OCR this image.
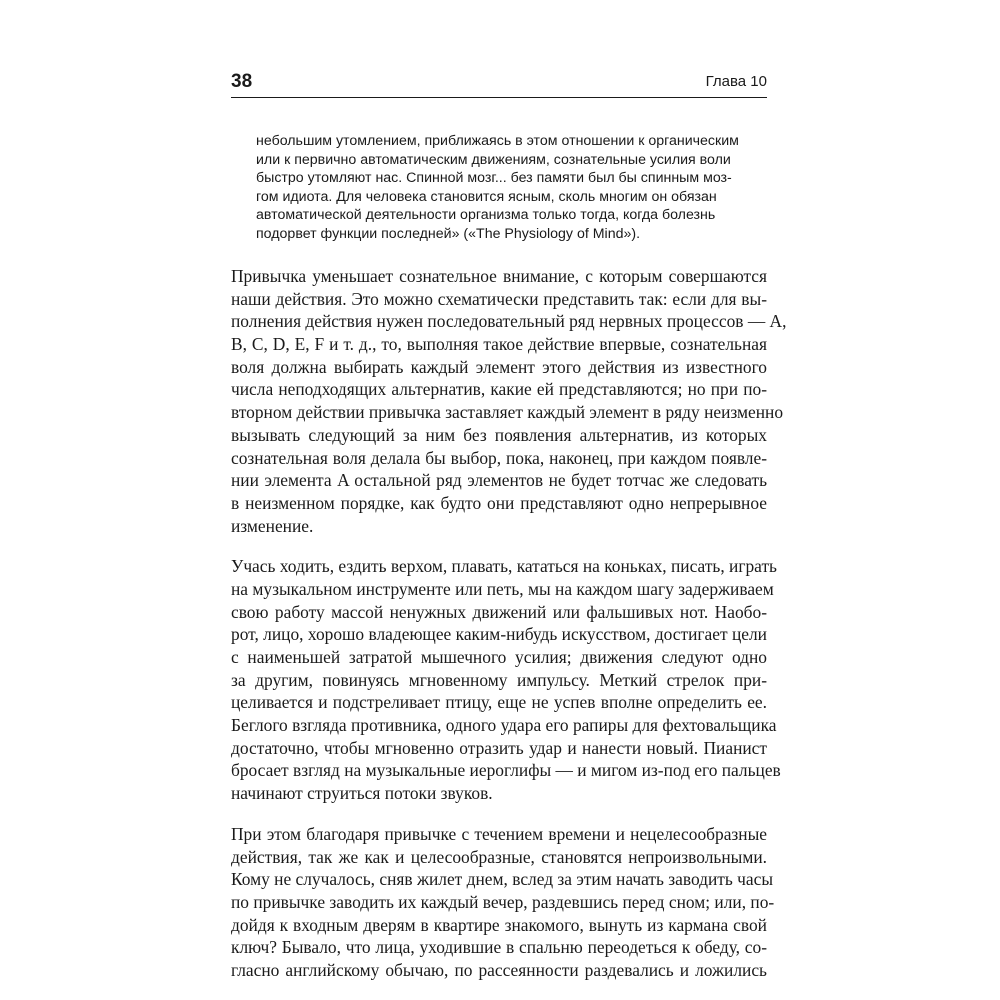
38	Глава 10
небольшим утомлением, приближаясь в этом отношении к органическим
или к первично автоматическим движениям, сознательные усилия воли
быстро утомляют нас. Спинной мозг... без памяти был бы спинным моз-
гом идиота. Для человека становится ясным, сколь многим он обязан
автоматической деятельности организма только тогда, когда болезнь
подорвет функции последней» («The Physiology of Mind»).
Привычка уменьшает сознательное внимание, с которым совершаются
наши действия. Это можно схематически представить так: если для вы-
полнения действия нужен последовательный ряд нервных процессов — A,
B, C, D, E, F и т. д., то, выполняя такое действие впервые, сознательная
воля должна выбирать каждый элемент этого действия из известного
числа неподходящих альтернатив, какие ей представляются; но при по-
вторном действии привычка заставляет каждый элемент в ряду неизменно
вызывать следующий за ним без появления альтернатив, из которых
сознательная воля делала бы выбор, пока, наконец, при каждом появле-
нии элемента A остальной ряд элементов не будет тотчас же следовать
в неизменном порядке, как будто они представляют одно непрерывное
изменение.
Учась ходить, ездить верхом, плавать, кататься на коньках, писать, играть
на музыкальном инструменте или петь, мы на каждом шагу задерживаем
свою работу массой ненужных движений или фальшивых нот. Наобо-
рот, лицо, хорошо владеющее каким-нибудь искусством, достигает цели
с наименьшей затратой мышечного усилия; движения следуют одно
за другим, повинуясь мгновенному импульсу. Меткий стрелок при-
целивается и подстреливает птицу, еще не успев вполне определить ее.
Беглого взгляда противника, одного удара его рапиры для фехтовальщика
достаточно, чтобы мгновенно отразить удар и нанести новый. Пианист
бросает взгляд на музыкальные иероглифы — и мигом из-под его пальцев
начинают струиться потоки звуков.
При этом благодаря привычке с течением времени и нецелесообразные
действия, так же как и целесообразные, становятся непроизвольными.
Кому не случалось, сняв жилет днем, вслед за этим начать заводить часы
по привычке заводить их каждый вечер, раздевшись перед сном; или, по-
дойдя к входным дверям в квартире знакомого, вынуть из кармана свой
ключ? Бывало, что лица, уходившие в спальню переодеться к обеду, со-
гласно английскому обычаю, по рассеянности раздевались и ложились
